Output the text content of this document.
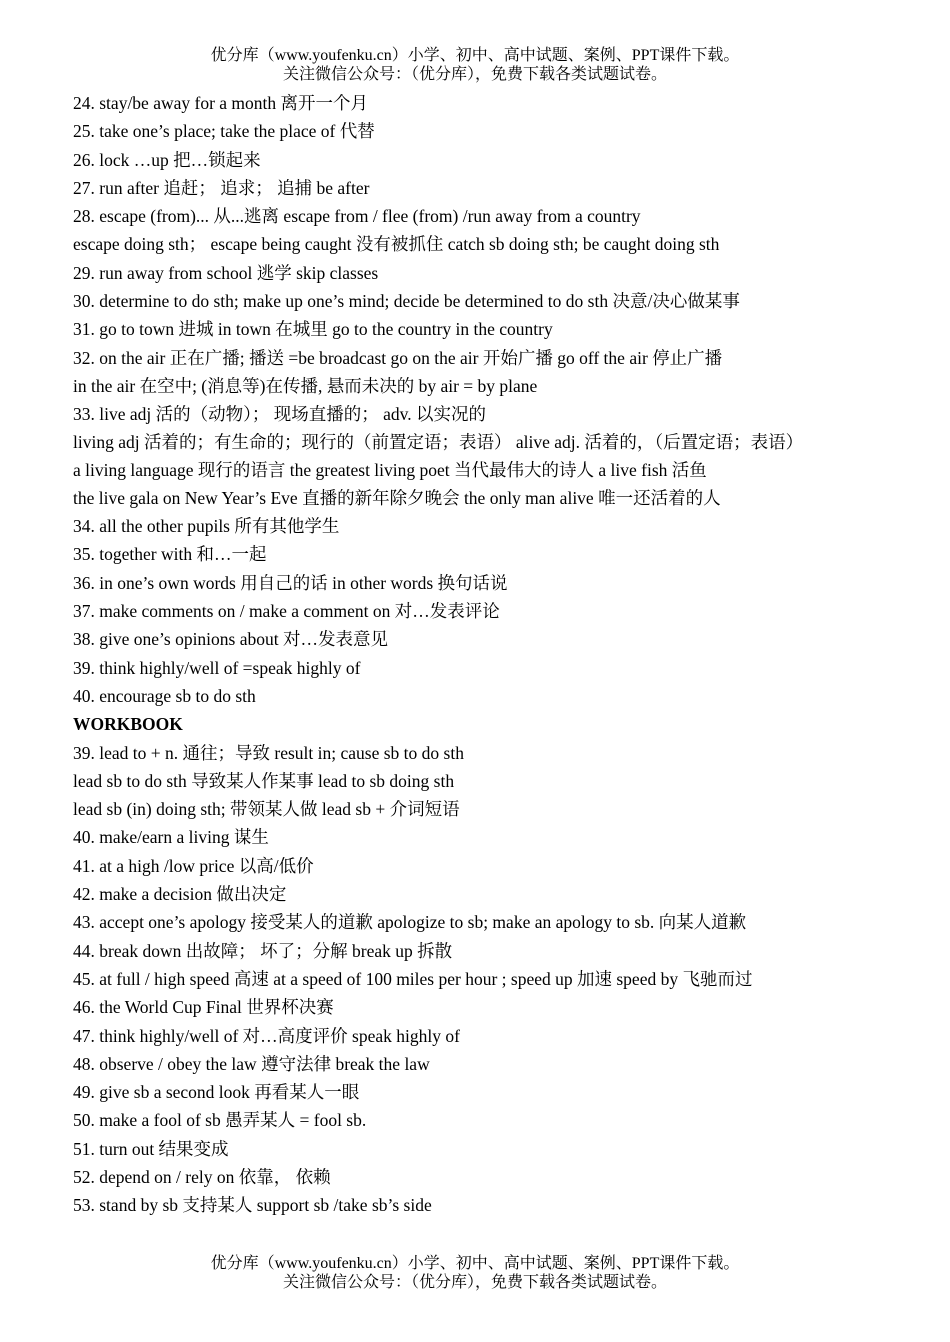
优分库（www.youfenku.cn）小学、初中、高中试题、案例、PPT课件下载。
关注微信公众号：（优分库），免费下载各类试题试卷。
24. stay/be away for a month 离开一个月
25. take one’s place; take the place of 代替
26. lock …up 把…锁起来
27. run after 追赶； 追求； 追捕 be after
28. escape (from)... 从...逃离 escape from / flee (from) /run away from a country
escape doing sth； escape being caught 没有被抓住 catch sb doing sth; be caught doing sth
29. run away from school 逃学 skip classes
30. determine to do sth; make up one’s mind; decide be determined to do sth 决意/决心做某事
31. go to town 进城 in town 在城里 go to the country in the country
32. on the air 正在广播; 播送 =be broadcast go on the air 开始广播 go off the air 停止广播
in the air 在空中; (消息等)在传播, 悬而未决的 by air = by plane
33. live adj 活的（动物）； 现场直播的； adv. 以实况的
living adj 活着的；有生命的；现行的（前置定语；表语） alive adj. 活着的，（后置定语；表语）
a living language 现行的语言 the greatest living poet 当代最伟大的诗人 a live fish 活鱼
the live gala on New Year’s Eve 直播的新年除夕晚会 the only man alive 唯一还活着的人
34. all the other pupils 所有其他学生
35. together with 和…一起
36. in one’s own words 用自己的话 in other words 换句话说
37. make comments on / make a comment on 对…发表评论
38. give one’s opinions about 对…发表意见
39. think highly/well of =speak highly of
40. encourage sb to do sth
WORKBOOK
39. lead to + n. 通往；导致 result in; cause sb to do sth
lead sb to do sth 导致某人作某事 lead to sb doing sth
lead sb (in) doing sth; 带领某人做 lead sb + 介词短语
40. make/earn a living 谋生
41. at a high /low price 以高/低价
42. make a decision 做出决定
43. accept one’s apology 接受某人的道歉 apologize to sb; make an apology to sb. 向某人道歉
44. break down 出故障； 坏了；分解 break up 拆散
45. at full / high speed 高速 at a speed of 100 miles per hour ; speed up 加速 speed by 飞驰而过
46. the World Cup Final 世界杯决赛
47. think highly/well of 对…高度评价 speak highly of
48. observe / obey the law 遵守法律 break the law
49. give sb a second look 再看某人一眼
50. make a fool of sb 愚弄某人 = fool sb.
51. turn out 结果变成
52. depend on / rely on 依靠， 依赖
53. stand by sb 支持某人 support sb /take sb’s side
优分库（www.youfenku.cn）小学、初中、高中试题、案例、PPT课件下载。
关注微信公众号：（优分库），免费下载各类试题试卷。
